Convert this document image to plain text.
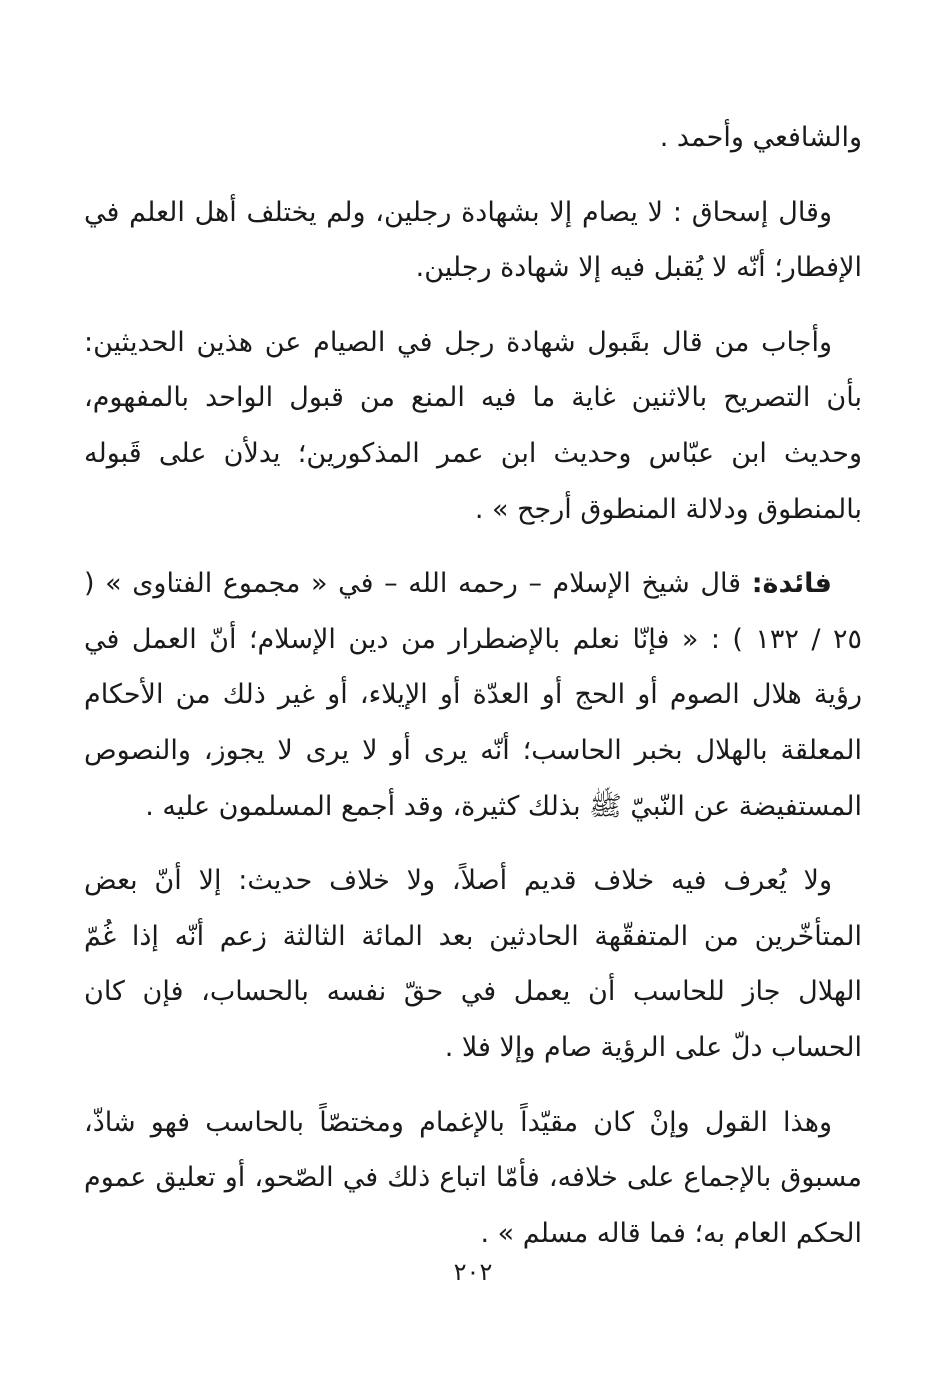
والشافعي وأحمد .

وقال إسحاق : لا يصام إلا بشهادة رجلين، ولم يختلف أهل العلم في الإفطار؛ أنّه لا يُقبل فيه إلا شهادة رجلين.

وأجاب من قال بقَبول شهادة رجل في الصيام عن هذين الحديثين: بأن التصريح بالاثنين غاية ما فيه المنع من قبول الواحد بالمفهوم، وحديث ابن عبّاس وحديث ابن عمر المذكورين؛ يدلأن على قَبوله بالمنطوق ودلالة المنطوق أرجح » .

فائدة: قال شيخ الإسلام – رحمه الله – في « مجموع الفتاوى » ( ٢٥ / ١٣٢ ) : « فإنّا نعلم بالإضطرار من دين الإسلام؛ أنّ العمل في رؤية هلال الصوم أو الحج أو العدّة أو الإيلاء، أو غير ذلك من الأحكام المعلقة بالهلال بخبر الحاسب؛ أنّه يرى أو لا يرى لا يجوز، والنصوص المستفيضة عن النّبيّ ﷺ بذلك كثيرة، وقد أجمع المسلمون عليه .

ولا يُعرف فيه خلاف قديم أصلاً، ولا خلاف حديث: إلا أنّ بعض المتأخّرين من المتفقّهة الحادثين بعد المائة الثالثة زعم أنّه إذا غُمّ الهلال جاز للحاسب أن يعمل في حقّ نفسه بالحساب، فإن كان الحساب دلّ على الرؤية صام وإلا فلا .

وهذا القول وإنْ كان مقيّداً بالإغمام ومختصّاً بالحاسب فهو شاذّ، مسبوق بالإجماع على خلافه، فأمّا اتباع ذلك في الصّحو، أو تعليق عموم الحكم العام به؛ فما قاله مسلم » .

٢٠٢
